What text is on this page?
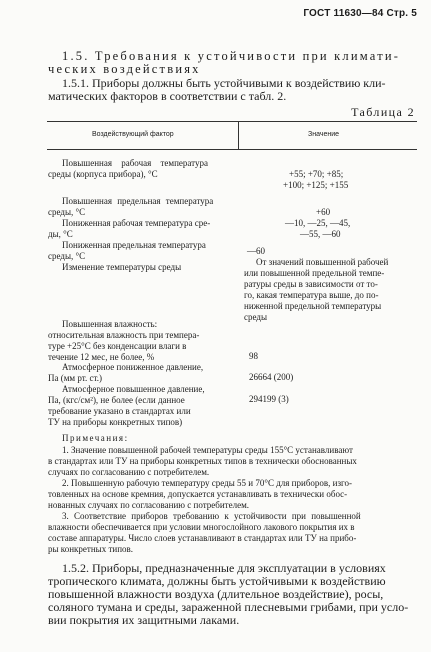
ГОСТ 11630—84 Стр. 5
1.5. Требования к устойчивости при климати-
ческих воздействиях
1.5.1. Приборы должны быть устойчивыми к воздействию кли-
матических факторов в соответствии с табл. 2.
Таблица 2
Воздействующий фактор	Значение
Повышенная рабочая температура
среды (корпуса прибора), °С
Повышенная предельная температура
среды, °С
Пониженная рабочая температура сре-
ды, °С
Пониженная предельная температура
среды, °С
Изменение температуры среды
Повышенная влажность:
относительная влажность при темпера-
туре +25°С без конденсации влаги в
течение 12 мес, не более, %
Атмосферное пониженное давление,
Па (мм рт. ст.)
Атмосферное повышенное давление,
Па, (кгс/см²), не более (если данное
требование указано в стандартах или
ТУ на приборы конкретных типов)
+55; +70; +85;
+100; +125; +155
+60
—10, —25, —45,
—55, —60
—60
От значений повышенной рабочей
или повышенной предельной темпе-
ратуры среды в зависимости от то-
го, какая температура выше, до по-
ниженной предельной температуры
среды
98
26664 (200)
294199 (3)
Примечания:
1. Значение повышенной рабочей температуры среды 155°С устанавливают
в стандартах или ТУ на приборы конкретных типов в технически обоснованных
случаях по согласованию с потребителем.
2. Повышенную рабочую температуру среды 55 и 70°С для приборов, изго-
товленных на основе кремния, допускается устанавливать в технически обос-
нованных случаях по согласованию с потребителем.
3. Соответствие приборов требованию к устойчивости при повышенной
влажности обеспечивается при условии многослойного лакового покрытия их в
составе аппаратуры. Число слоев устанавливают в стандартах или ТУ на прибо-
ры конкретных типов.
1.5.2. Приборы, предназначенные для эксплуатации в условиях
тропического климата, должны быть устойчивыми к воздействию
повышенной влажности воздуха (длительное воздействие), росы,
соляного тумана и среды, зараженной плесневыми грибами, при усло-
вии покрытия их защитными лаками.
